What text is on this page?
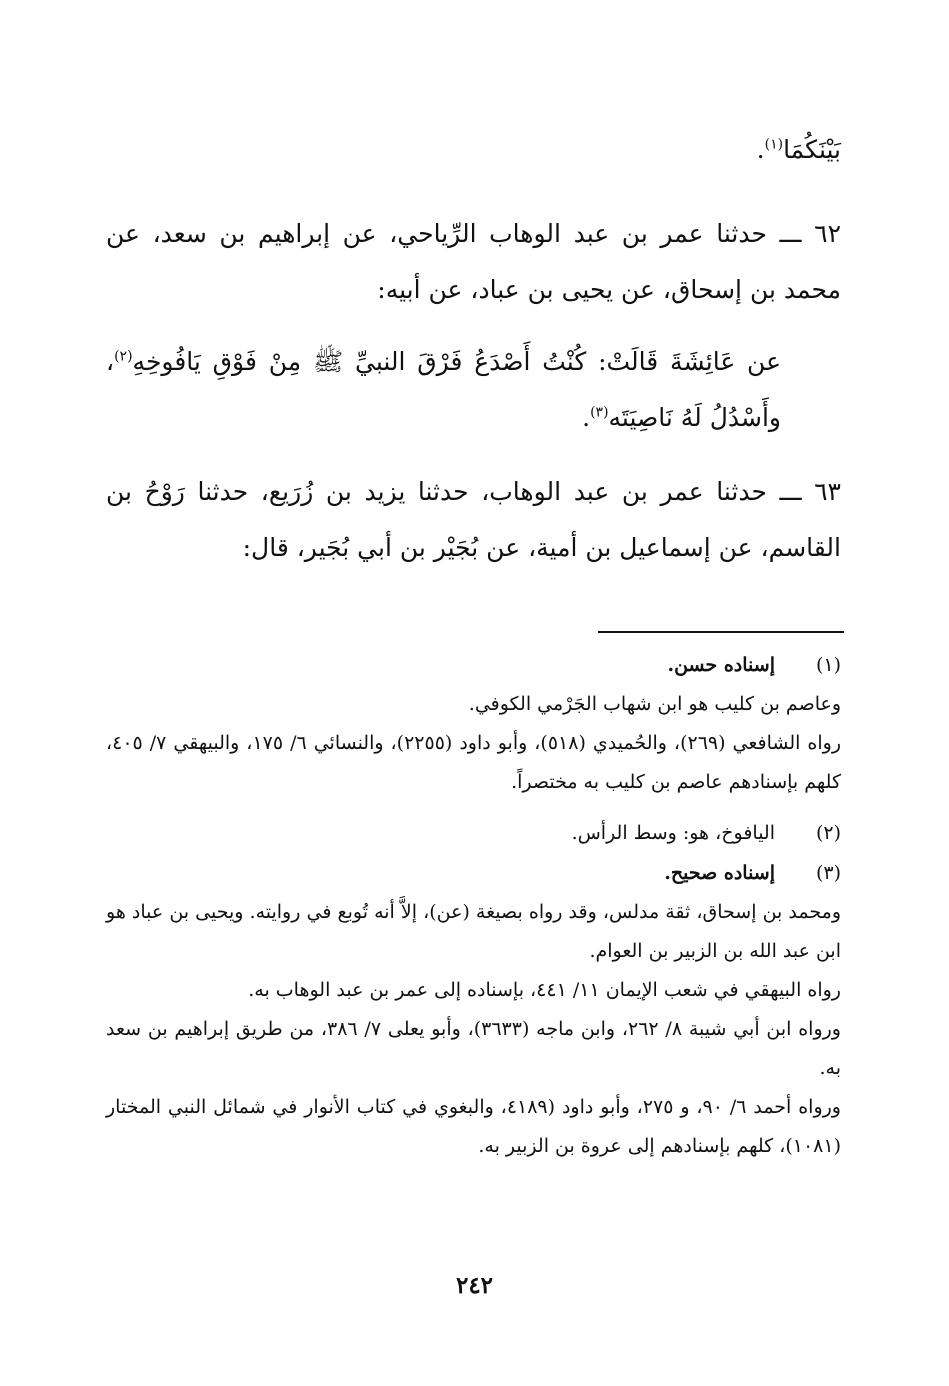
بَيْنَكُمَا$^{(١)}$.

٦٢ ـــ حدثنا عمر بن عبد الوهاب الرِّياحي، عن إبراهيم بن سعد، عن محمد بن إسحاق، عن يحيى بن عباد، عن أبيه:

عن عَائِشَةَ قَالَتْ: كُنْتُ أَصْدَعُ فَرْقَ النبيِّ ﷺ مِنْ فَوْقِ يَافُوخِهِ$^{(٢)}$، وأَسْدُلُ لَهُ نَاصِيَتَه$^{(٣)}$.

٦٣ ـــ حدثنا عمر بن عبد الوهاب، حدثنا يزيد بن زُرَيع، حدثنا رَوْحُ بن القاسم، عن إسماعيل بن أمية، عن بُجَيْر بن أبي بُجَير، قال:

(١)
إسناده حسن.

وعاصم بن كليب هو ابن شهاب الجَرْمي الكوفي.

رواه الشافعي (٢٦٩)، والحُميدي (٥١٨)، وأبو داود (٢٢٥٥)، والنسائي ٦/ ١٧٥، والبيهقي ٧/ ٤٠٥، كلهم بإسنادهم عاصم بن كليب به مختصراً.

(٢)
اليافوخ، هو: وسط الرأس.

(٣)
إسناده صحيح.

ومحمد بن إسحاق، ثقة مدلس، وقد رواه بصيغة (عن)، إلاَّ أنه تُوبع في روايته. ويحيى بن عباد هو ابن عبد الله بن الزبير بن العوام.

رواه البيهقي في شعب الإيمان ١١/ ٤٤١، بإسناده إلى عمر بن عبد الوهاب به.

ورواه ابن أبي شيبة ٨/ ٢٦٢، وابن ماجه (٣٦٣٣)، وأبو يعلى ٧/ ٣٨٦، من طريق إبراهيم بن سعد به.

ورواه أحمد ٦/ ٩٠، و ٢٧٥، وأبو داود (٤١٨٩، والبغوي في كتاب الأنوار في شمائل النبي المختار (١٠٨١)، كلهم بإسنادهم إلى عروة بن الزبير به.

٢٤٢
